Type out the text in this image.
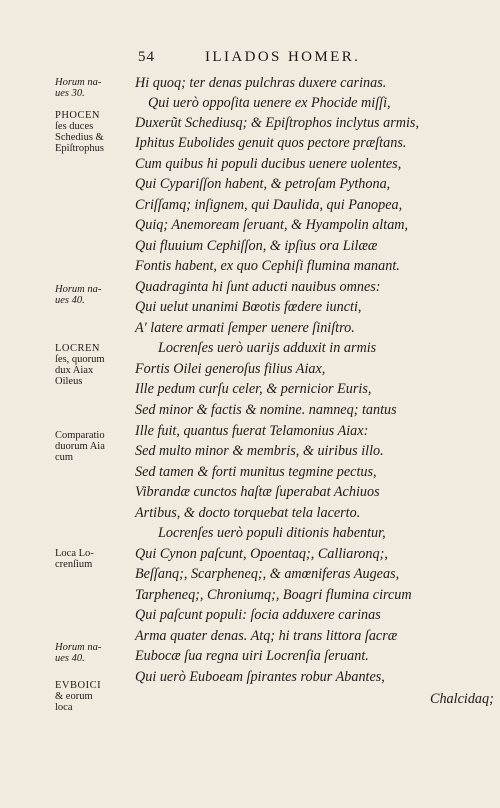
54	ILIADOS HOMER.
Hi quoq; ter denas pulchras duxere carinas.
Qui uerò oppoſita uenere ex Phocide miſſi,
Duxerũt Schediusq; & Epiſtrophos inclytus armis,
Iphitus Eubolides genuit quos pectore præſtans.
Cum quibus hi populi ducibus uenere uolentes,
Qui Cypariſſon habent, & petroſam Pythona,
Criſſamq; inſignem, qui Daulida, qui Panopea,
Quiq; Anemoream ſeruant, & Hyampolin altam,
Qui fluuium Cephiſſon, & ipſius ora Lilææ
Fontis habent, ex quo Cephiſi flumina manant.
Quadraginta hi ſunt aducti nauibus omnes:
Qui uelut unanimi Bœotis fœdere iuncti,
A' latere armati ſemper uenere ſiniſtro.
Locrenſes uerò uarijs adduxit in armis
Fortis Oilei generoſus filius Aiax,
Ille pedum curſu celer, & pernicior Euris,
Sed minor & factis & nomine. namneq; tantus
Ille fuit, quantus fuerat Telamonius Aiax:
Sed multo minor & membris, & uiribus illo.
Sed tamen & forti munitus tegmine pectus,
Vibrandæ cunctos haſtæ ſuperabat Achiuos
Artibus, & docto torquebat tela lacerto.
Locrenſes uerò populi ditionis habentur,
Qui Cynon paſcunt, Opoentaq;, Calliaronq;,
Beſſanq;, Scarpheneq;, & amœniferas Augeas,
Tarpheneq;, Chroniumq;, Boagri flumina circum
Qui paſcunt populi: ſocia adduxere carinas
Arma quater denas. Atq; hi trans littora ſacræ
Eubocæ ſua regna uiri Locrenſia ſeruant.
Qui uerò Euboeam ſpirantes robur Abantes,
Chalcidaq;
Horum na-
ues 30.
PHOCEN
ſes duces
Schedius &
Epiſtrophus
Horum na-
ues 40.
LOCREN
ſes, quorum
dux Aiax
Oileus
Comparatio
duorum Aia
cum
Loca Lo-
crenſium
Horum na-
ues 40.
EVBOICI
& eorum
loca
